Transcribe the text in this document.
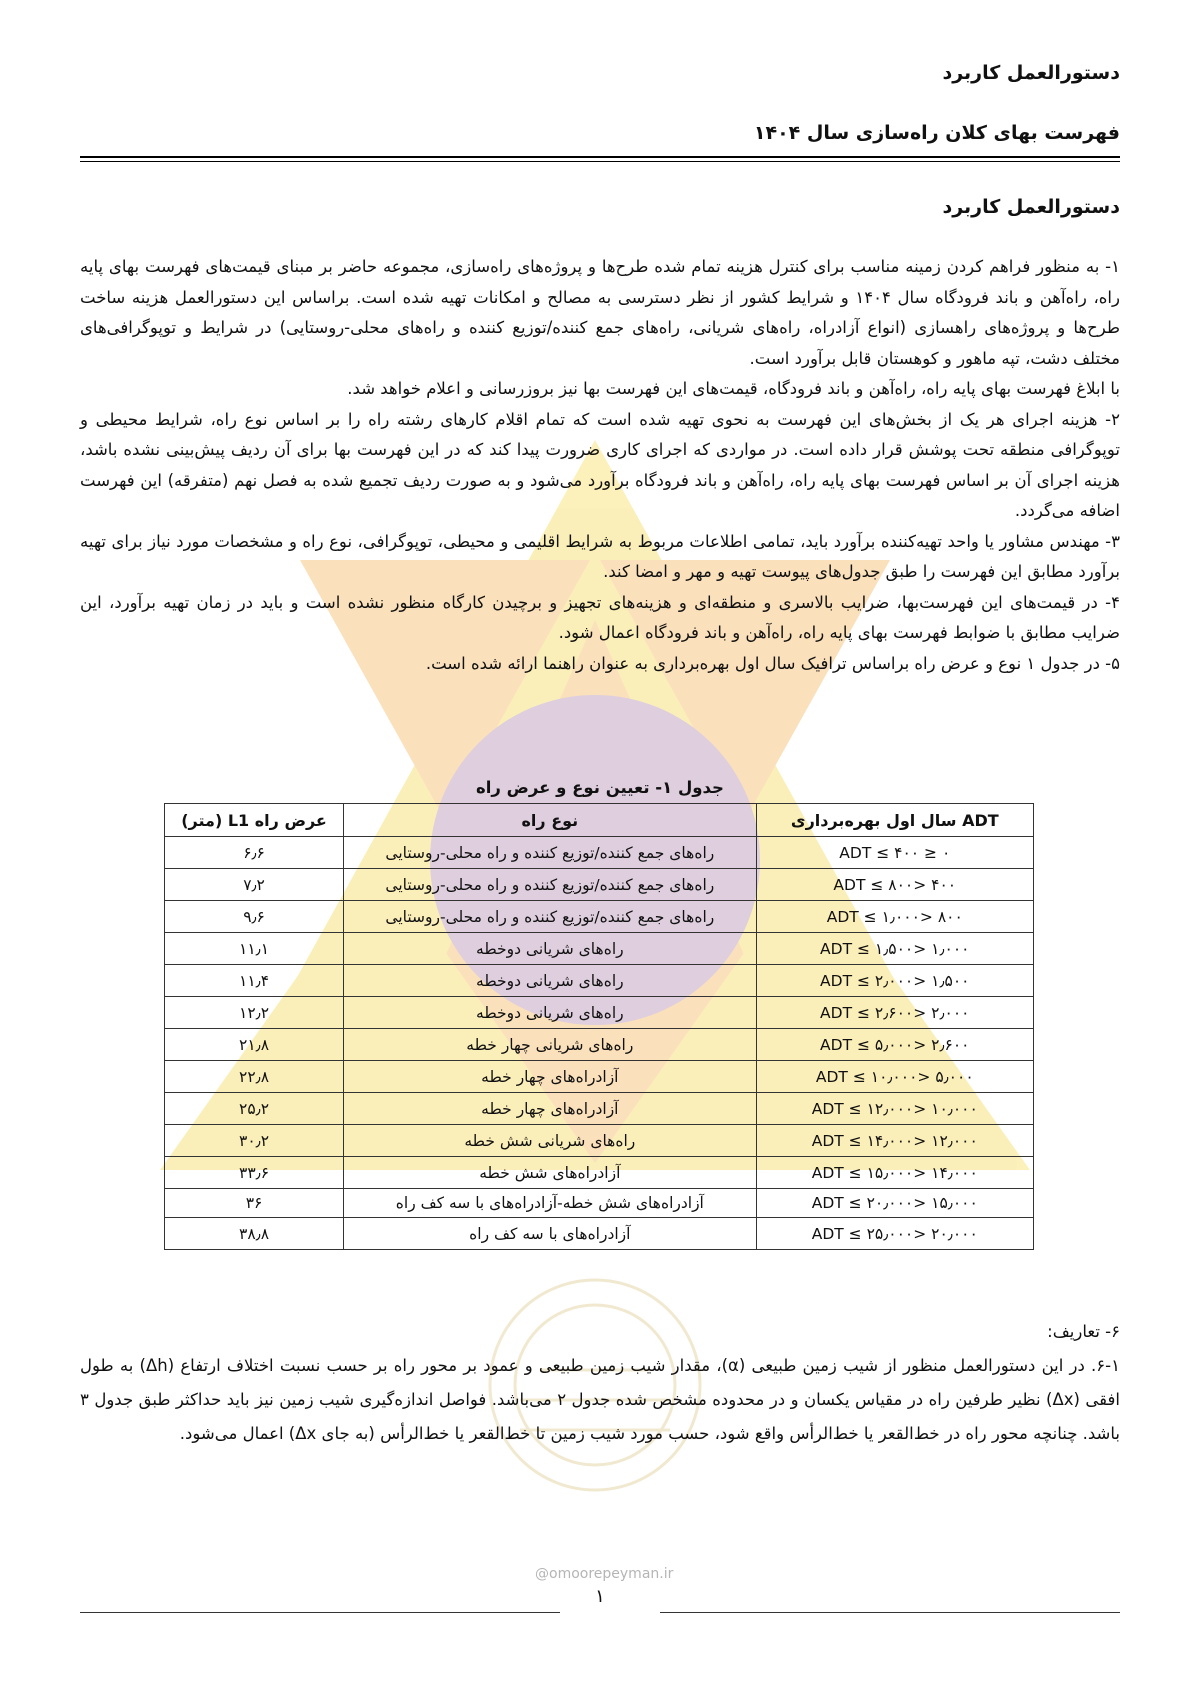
دستورالعمل کاربرد
فهرست بهای کلان راه‌سازی سال ۱۴۰۴
دستورالعمل کاربرد

۱- به منظور فراهم کردن زمینه مناسب برای کنترل هزینه تمام شده طرح‌ها و پروژه‌های راه‌سازی، مجموعه حاضر بر مبنای قیمت‌های فهرست بهای پایه راه، راه‌آهن و باند فرودگاه سال ۱۴۰۴ و شرایط کشور از نظر دسترسی به مصالح و امکانات تهیه شده است. براساس این دستورالعمل هزینه ساخت طرح‌ها و پروژه‌های راهسازی (انواع آزادراه، راه‌های شریانی، راه‌های جمع کننده/توزیع کننده و راه‌های محلی-روستایی) در شرایط و توپوگرافی‌های مختلف دشت، تپه ماهور و کوهستان قابل برآورد است.

با ابلاغ فهرست بهای پایه راه، راه‌آهن و باند فرودگاه، قیمت‌های این فهرست بها نیز بروزرسانی و اعلام خواهد شد.

۲- هزینه اجرای هر یک از بخش‌های این فهرست به نحوی تهیه شده است که تمام اقلام کارهای رشته راه را بر اساس نوع راه، شرایط محیطی و توپوگرافی منطقه تحت پوشش قرار داده است. در مواردی که اجرای کاری ضرورت پیدا کند که در این فهرست بها برای آن ردیف پیش‌بینی نشده باشد، هزینه اجرای آن بر اساس فهرست بهای پایه راه، راه‌آهن و باند فرودگاه برآورد می‌شود و به صورت ردیف تجمیع شده به فصل نهم (متفرقه) این فهرست اضافه می‌گردد.

۳- مهندس مشاور یا واحد تهیه‌کننده برآورد باید، تمامی اطلاعات مربوط به شرایط اقلیمی و محیطی، توپوگرافی، نوع راه و مشخصات مورد نیاز برای تهیه برآورد مطابق این فهرست را طبق جدول‌های پیوست تهیه و مهر و امضا کند.

۴- در قیمت‌های این فهرست‌بها، ضرایب بالاسری و منطقه‌ای و هزینه‌های تجهیز و برچیدن کارگاه منظور نشده است و باید در زمان تهیه برآورد، این ضرایب مطابق با ضوابط فهرست بهای پایه راه، راه‌آهن و باند فرودگاه اعمال شود.

۵- در جدول ۱ نوع و عرض راه براساس ترافیک سال اول بهره‌برداری به عنوان راهنما ارائه شده است.

جدول ۱- تعیین نوع و عرض راه
ADT سال اول بهره‌برداری	نوع راه	عرض راه L1 (متر)
۰ ≤ ADT ≤ ۴۰۰	راه‌های جمع کننده/توزیع کننده و راه محلی-روستایی	۶٫۶
۴۰۰ <ADT ≤ ۸۰۰	راه‌های جمع کننده/توزیع کننده و راه محلی-روستایی	۷٫۲
۸۰۰ <ADT ≤ ۱٫۰۰۰	راه‌های جمع کننده/توزیع کننده و راه محلی-روستایی	۹٫۶
۱٫۰۰۰ <ADT ≤ ۱٫۵۰۰	راه‌های شریانی دوخطه	۱۱٫۱
۱٫۵۰۰ <ADT ≤ ۲٫۰۰۰	راه‌های شریانی دوخطه	۱۱٫۴
۲٫۰۰۰ <ADT ≤ ۲٫۶۰۰	راه‌های شریانی دوخطه	۱۲٫۲
۲٫۶۰۰ <ADT ≤ ۵٫۰۰۰	راه‌های شریانی چهار خطه	۲۱٫۸
۵٫۰۰۰ <ADT ≤ ۱۰٫۰۰۰	آزادراه‌های چهار خطه	۲۲٫۸
۱۰٫۰۰۰ <ADT ≤ ۱۲٫۰۰۰	آزادراه‌های چهار خطه	۲۵٫۲
۱۲٫۰۰۰ <ADT ≤ ۱۴٫۰۰۰	راه‌های شریانی شش خطه	۳۰٫۲
۱۴٫۰۰۰ <ADT ≤ ۱۵٫۰۰۰	آزادراه‌های شش خطه	۳۳٫۶
۱۵٫۰۰۰ <ADT ≤ ۲۰٫۰۰۰	آزادراه‌های شش خطه-آزادراه‌های با سه کف راه	۳۶
۲۰٫۰۰۰ <ADT ≤ ۲۵٫۰۰۰	آزادراه‌های با سه کف راه	۳۸٫۸

۶- تعاریف:

۶-۱. در این دستورالعمل منظور از شیب زمین طبیعی (α)، مقدار شیب زمین طبیعی و عمود بر محور راه بر حسب نسبت اختلاف ارتفاع (Δh) به طول افقی (Δx) نظیر طرفین راه در مقیاس یکسان و در محدوده مشخص شده جدول ۲ می‌باشد. فواصل اندازه‌گیری شیب زمین نیز باید حداکثر طبق جدول ۳ باشد. چنانچه محور راه در خط‌القعر یا خط‌الرأس واقع شود، حسب مورد شیب زمین تا خط‌القعر یا خط‌الرأس (به جای Δx) اعمال می‌شود.

@omoorepeyman.ir
۱
